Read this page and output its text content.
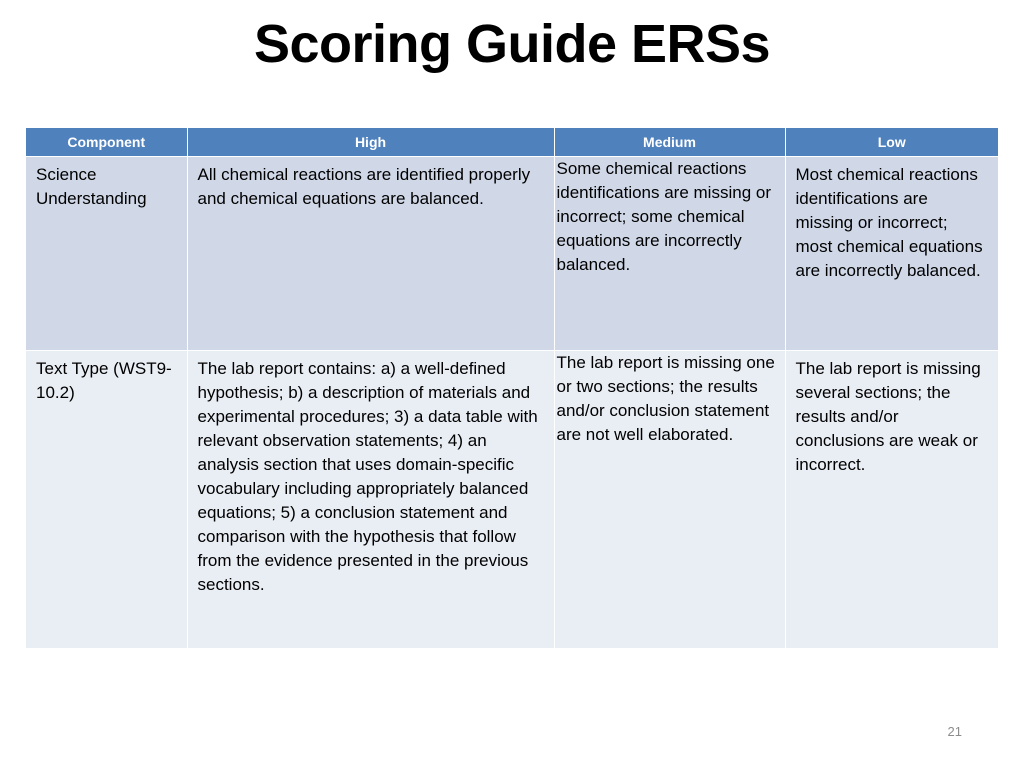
Scoring Guide ERSs
Component	High	Medium	Low
Science Understanding	All chemical reactions are identified properly and chemical equations are balanced.	Some chemical reactions identifications are missing or incorrect; some chemical equations are incorrectly balanced.	Most chemical reactions identifications are missing or incorrect; most chemical equations are incorrectly balanced.
Text Type (WST9-10.2)	The lab report contains: a) a well-defined hypothesis; b) a description of materials and experimental procedures; 3) a data table with relevant observation statements; 4) an analysis section that uses domain-specific vocabulary including appropriately balanced equations; 5) a conclusion statement and comparison with the hypothesis that follow from the evidence presented in the previous sections.	The lab report is missing one or two sections; the results and/or conclusion statement are not well elaborated.	The lab report is missing several sections; the results and/or conclusions are weak or incorrect.
21
